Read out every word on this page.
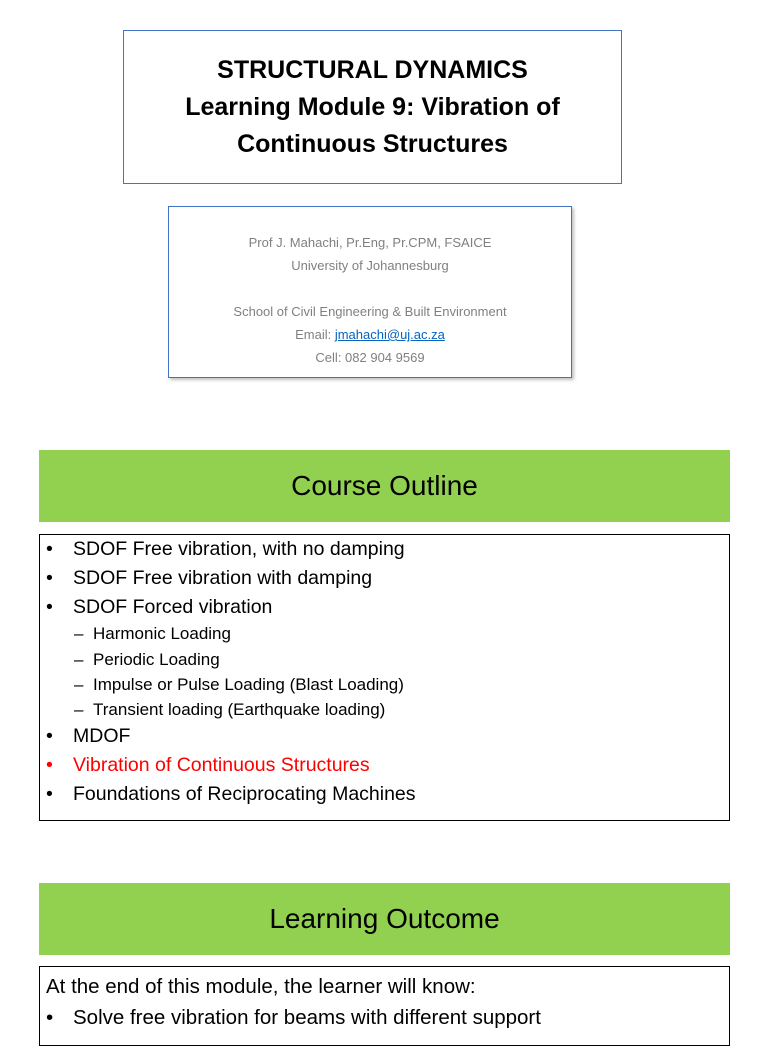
STRUCTURAL DYNAMICS
Learning Module 9: Vibration of
Continuous Structures
Prof J. Mahachi, Pr.Eng, Pr.CPM, FSAICE
University of Johannesburg
School of Civil Engineering & Built Environment
Email: jmahachi@uj.ac.za
Cell: 082 904 9569
Course Outline
• SDOF Free vibration, with no damping
• SDOF Free vibration with damping
• SDOF Forced vibration
– Harmonic Loading
– Periodic Loading
– Impulse or Pulse Loading (Blast Loading)
– Transient loading (Earthquake loading)
• MDOF
• Vibration of Continuous Structures
• Foundations of Reciprocating Machines
Learning Outcome
At the end of this module, the learner will know:
• Solve free vibration for beams with different support
